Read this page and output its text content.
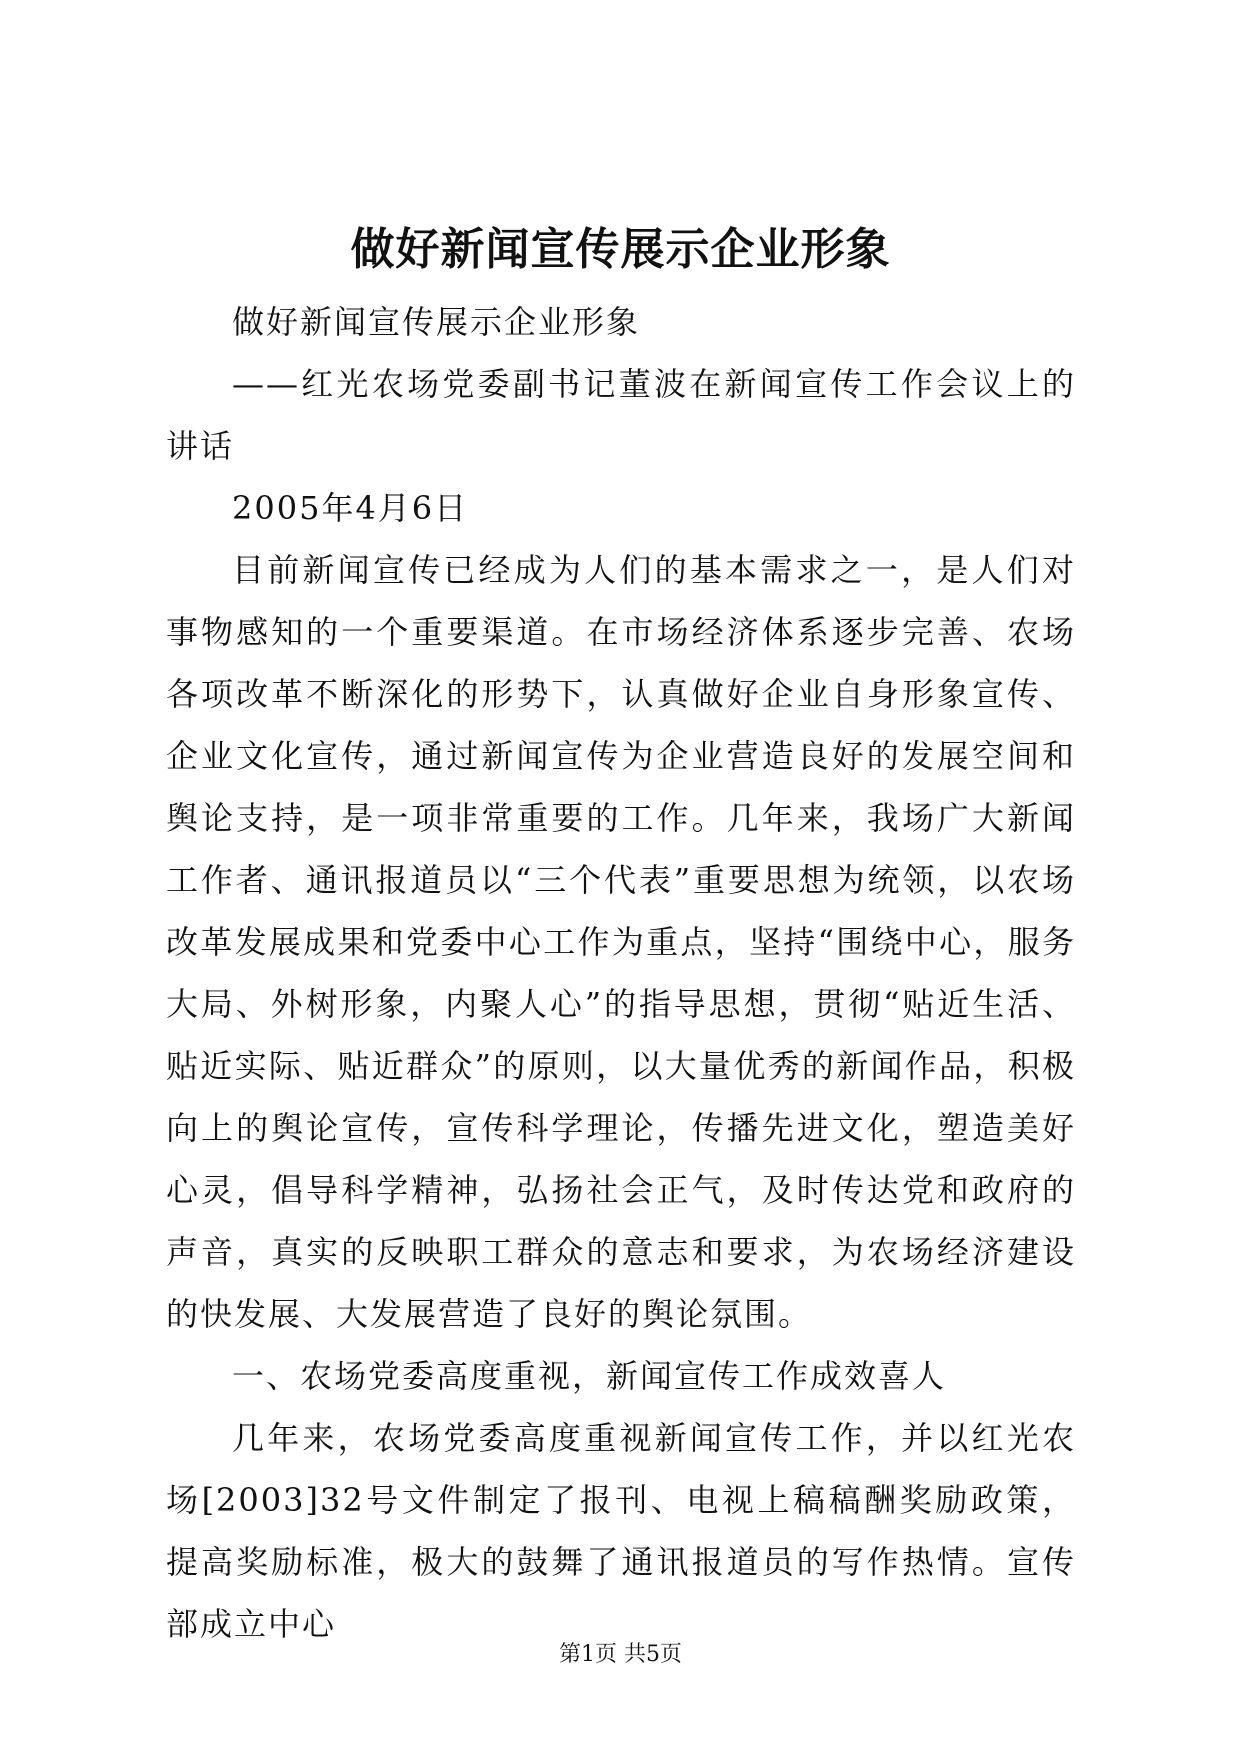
做好新闻宣传展示企业形象

做好新闻宣传展示企业形象

——红光农场党委副书记董波在新闻宣传工作会议上的讲话

2005年4月6日

目前新闻宣传已经成为人们的基本需求之一，是人们对事物感知的一个重要渠道。在市场经济体系逐步完善、农场各项改革不断深化的形势下，认真做好企业自身形象宣传、企业文化宣传，通过新闻宣传为企业营造良好的发展空间和舆论支持，是一项非常重要的工作。几年来，我场广大新闻工作者、通讯报道员以“三个代表”重要思想为统领，以农场改革发展成果和党委中心工作为重点，坚持“围绕中心，服务大局、外树形象，内聚人心”的指导思想，贯彻“贴近生活、贴近实际、贴近群众”的原则，以大量优秀的新闻作品，积极向上的舆论宣传，宣传科学理论，传播先进文化，塑造美好心灵，倡导科学精神，弘扬社会正气，及时传达党和政府的声音，真实的反映职工群众的意志和要求，为农场经济建设的快发展、大发展营造了良好的舆论氛围。

一、农场党委高度重视，新闻宣传工作成效喜人

几年来，农场党委高度重视新闻宣传工作，并以红光农场[2003]32号文件制定了报刊、电视上稿稿酬奖励政策，提高奖励标准，极大的鼓舞了通讯报道员的写作热情。宣传部成立中心

第1页 共5页
